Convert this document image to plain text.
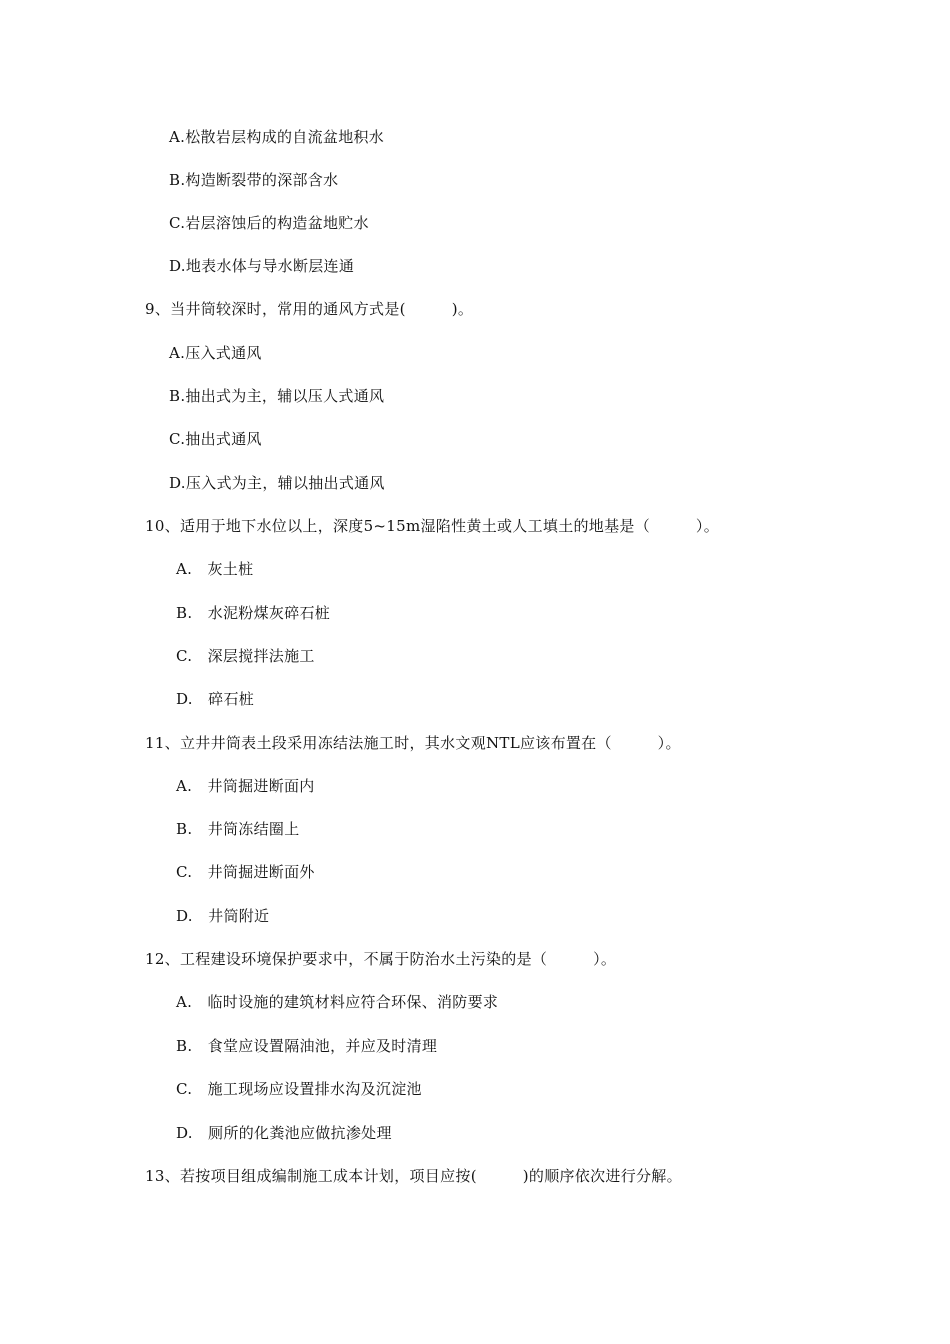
A.松散岩层构成的自流盆地积水
B.构造断裂带的深部含水
C.岩层溶蚀后的构造盆地贮水
D.地表水体与导水断层连通
9、当井筒较深时，常用的通风方式是(　　　)。
A.压入式通风
B.抽出式为主，辅以压人式通风
C.抽出式通风
D.压入式为主，辅以抽出式通风
10、适用于地下水位以上，深度5~15m湿陷性黄土或人工填土的地基是（　　　）。
A.　灰土桩
B.　水泥粉煤灰碎石桩
C.　深层搅拌法施工
D.　碎石桩
11、立井井筒表土段采用冻结法施工时，其水文观NTL应该布置在（　　　）。
A.　井筒掘进断面内
B.　井筒冻结圈上
C.　井筒掘进断面外
D.　井筒附近
12、工程建设环境保护要求中，不属于防治水土污染的是（　　　）。
A.　临时设施的建筑材料应符合环保、消防要求
B.　食堂应设置隔油池，并应及时清理
C.　施工现场应设置排水沟及沉淀池
D.　厕所的化粪池应做抗渗处理
13、若按项目组成编制施工成本计划，项目应按(　　　)的顺序依次进行分解。
